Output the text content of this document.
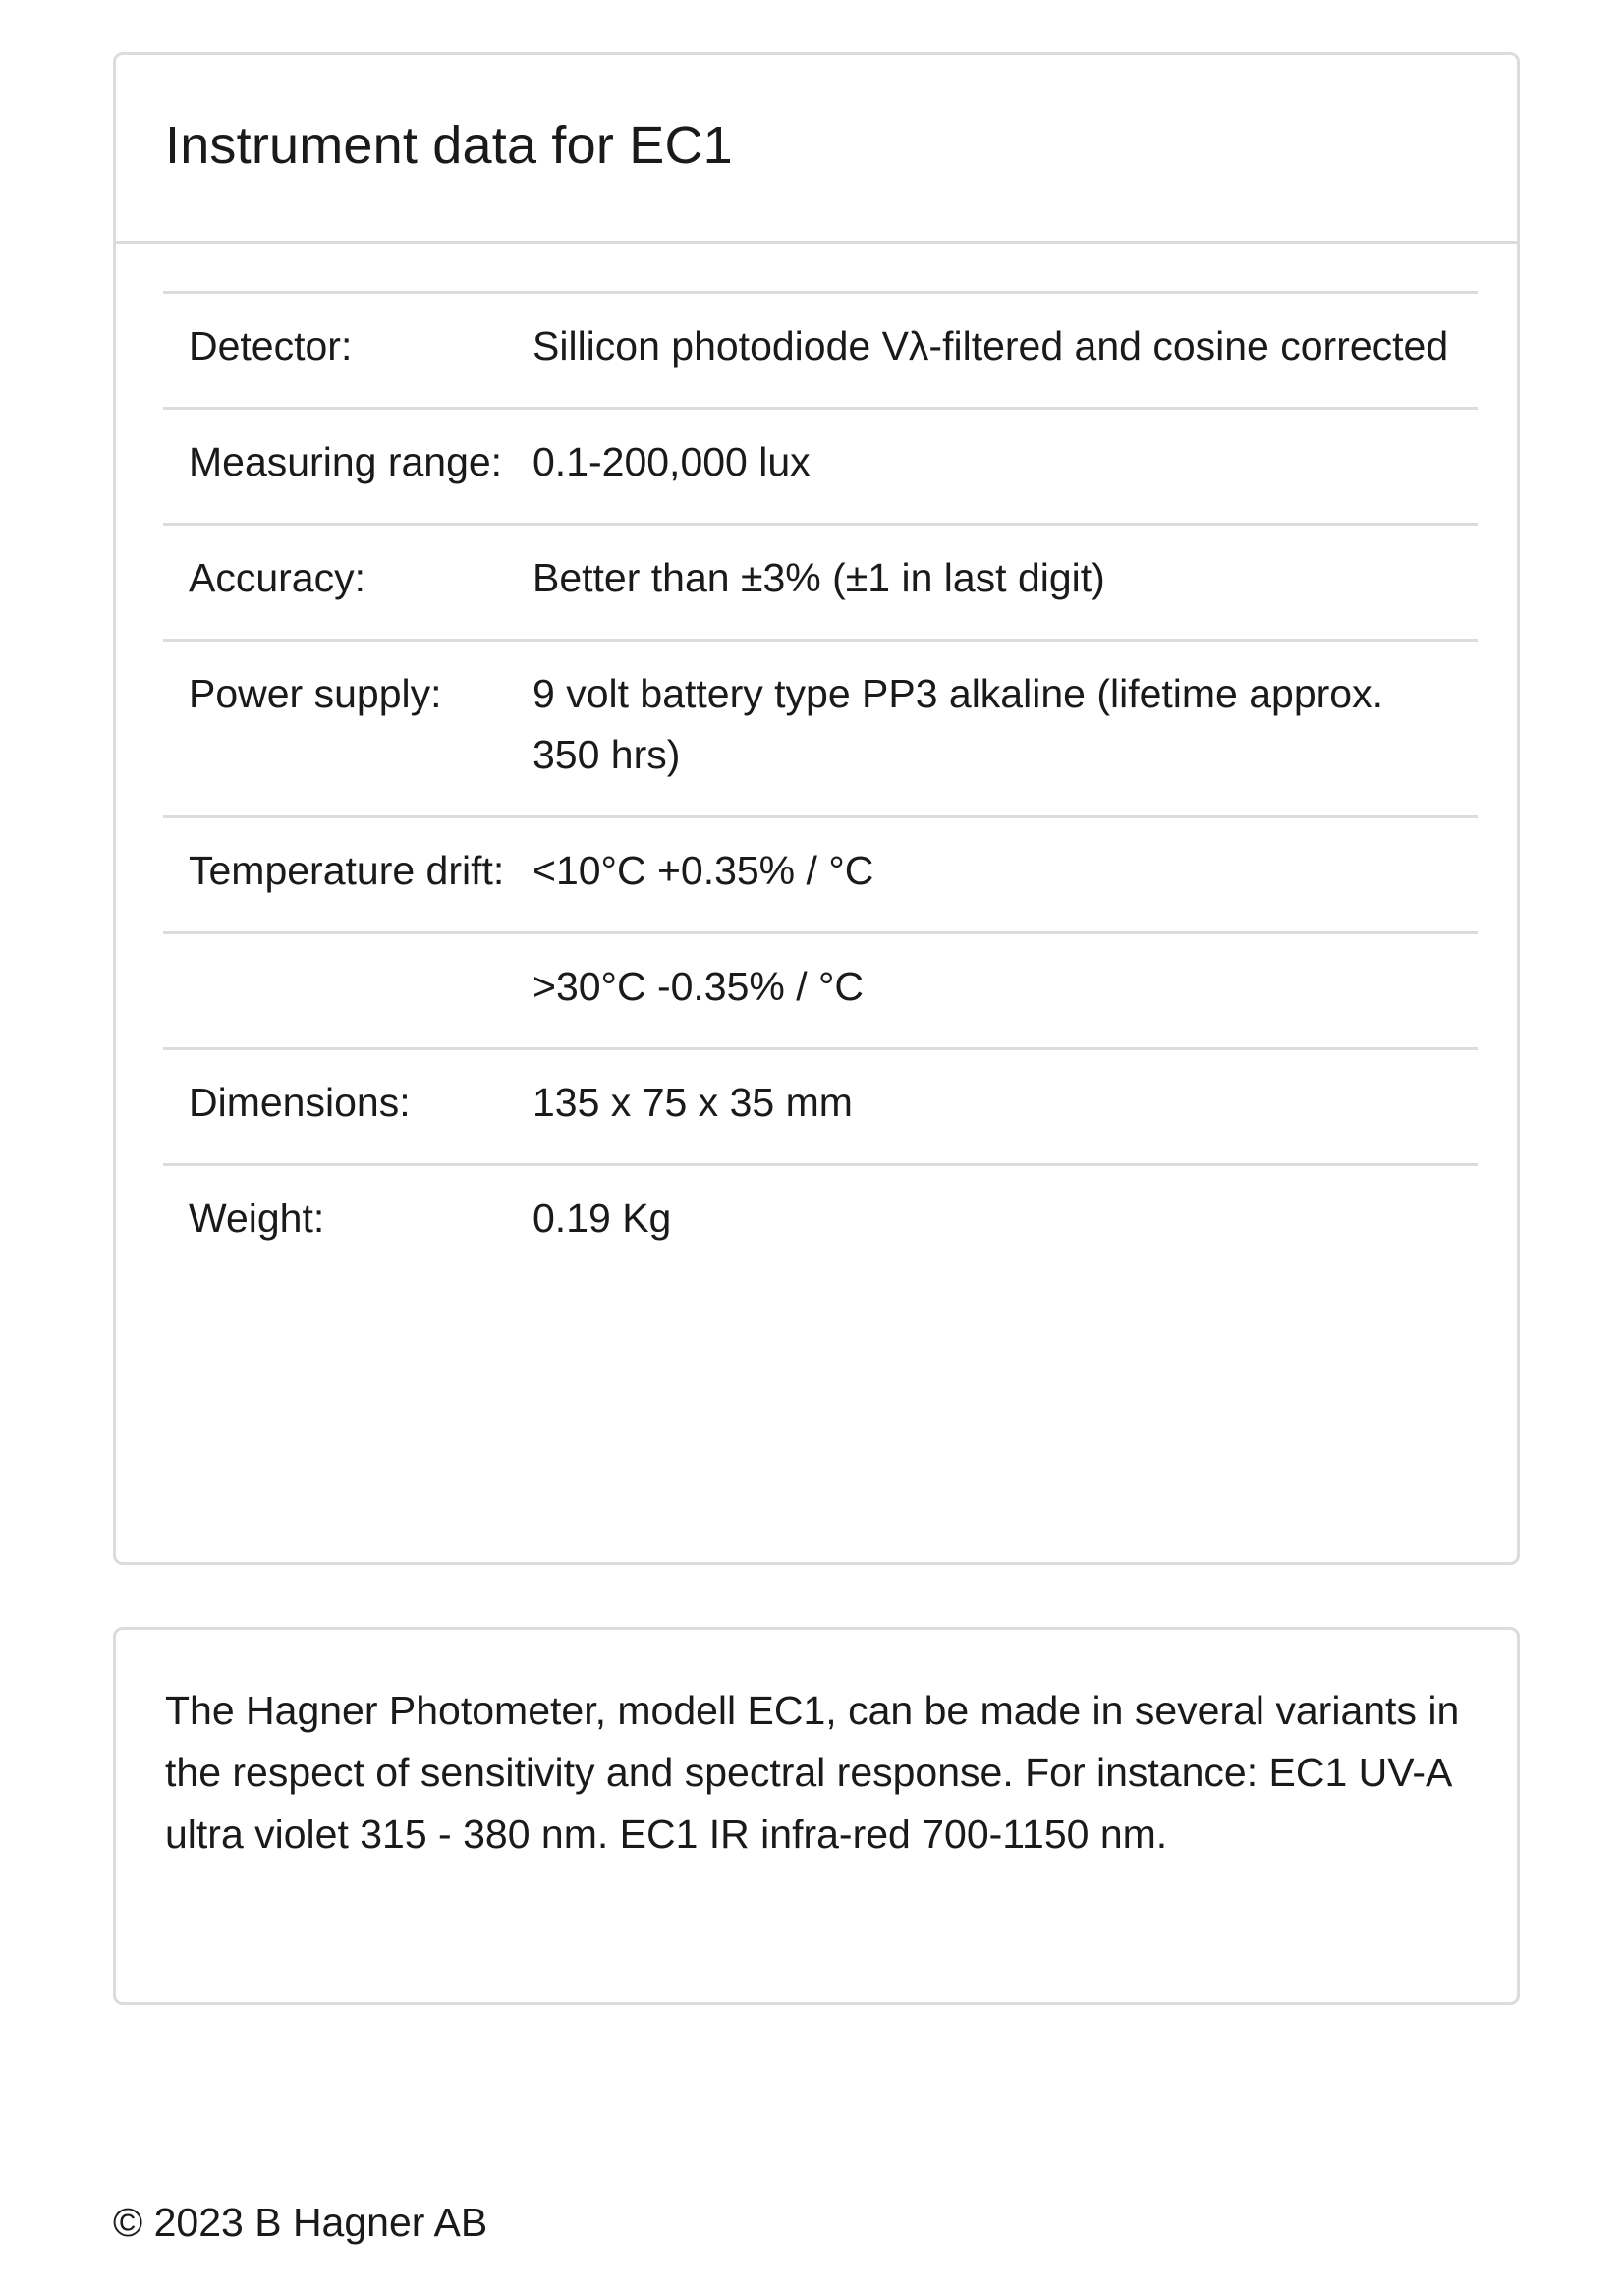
Instrument data for EC1
Detector:	Sillicon photodiode Vλ-filtered and cosine corrected
Measuring range:	0.1-200,000 lux
Accuracy:	Better than ±3% (±1 in last digit)
Power supply:	9 volt battery type PP3 alkaline (lifetime approx. 350 hrs)
Temperature drift:	<10°C +0.35% / °C
	>30°C -0.35% / °C
Dimensions:	135 x 75 x 35 mm
Weight:	0.19 Kg

The Hagner Photometer, modell EC1, can be made in several variants in the respect of sensitivity and spectral response. For instance: EC1 UV-A ultra violet 315 - 380 nm. EC1 IR infra-red 700-1150 nm.

© 2023 B Hagner AB
